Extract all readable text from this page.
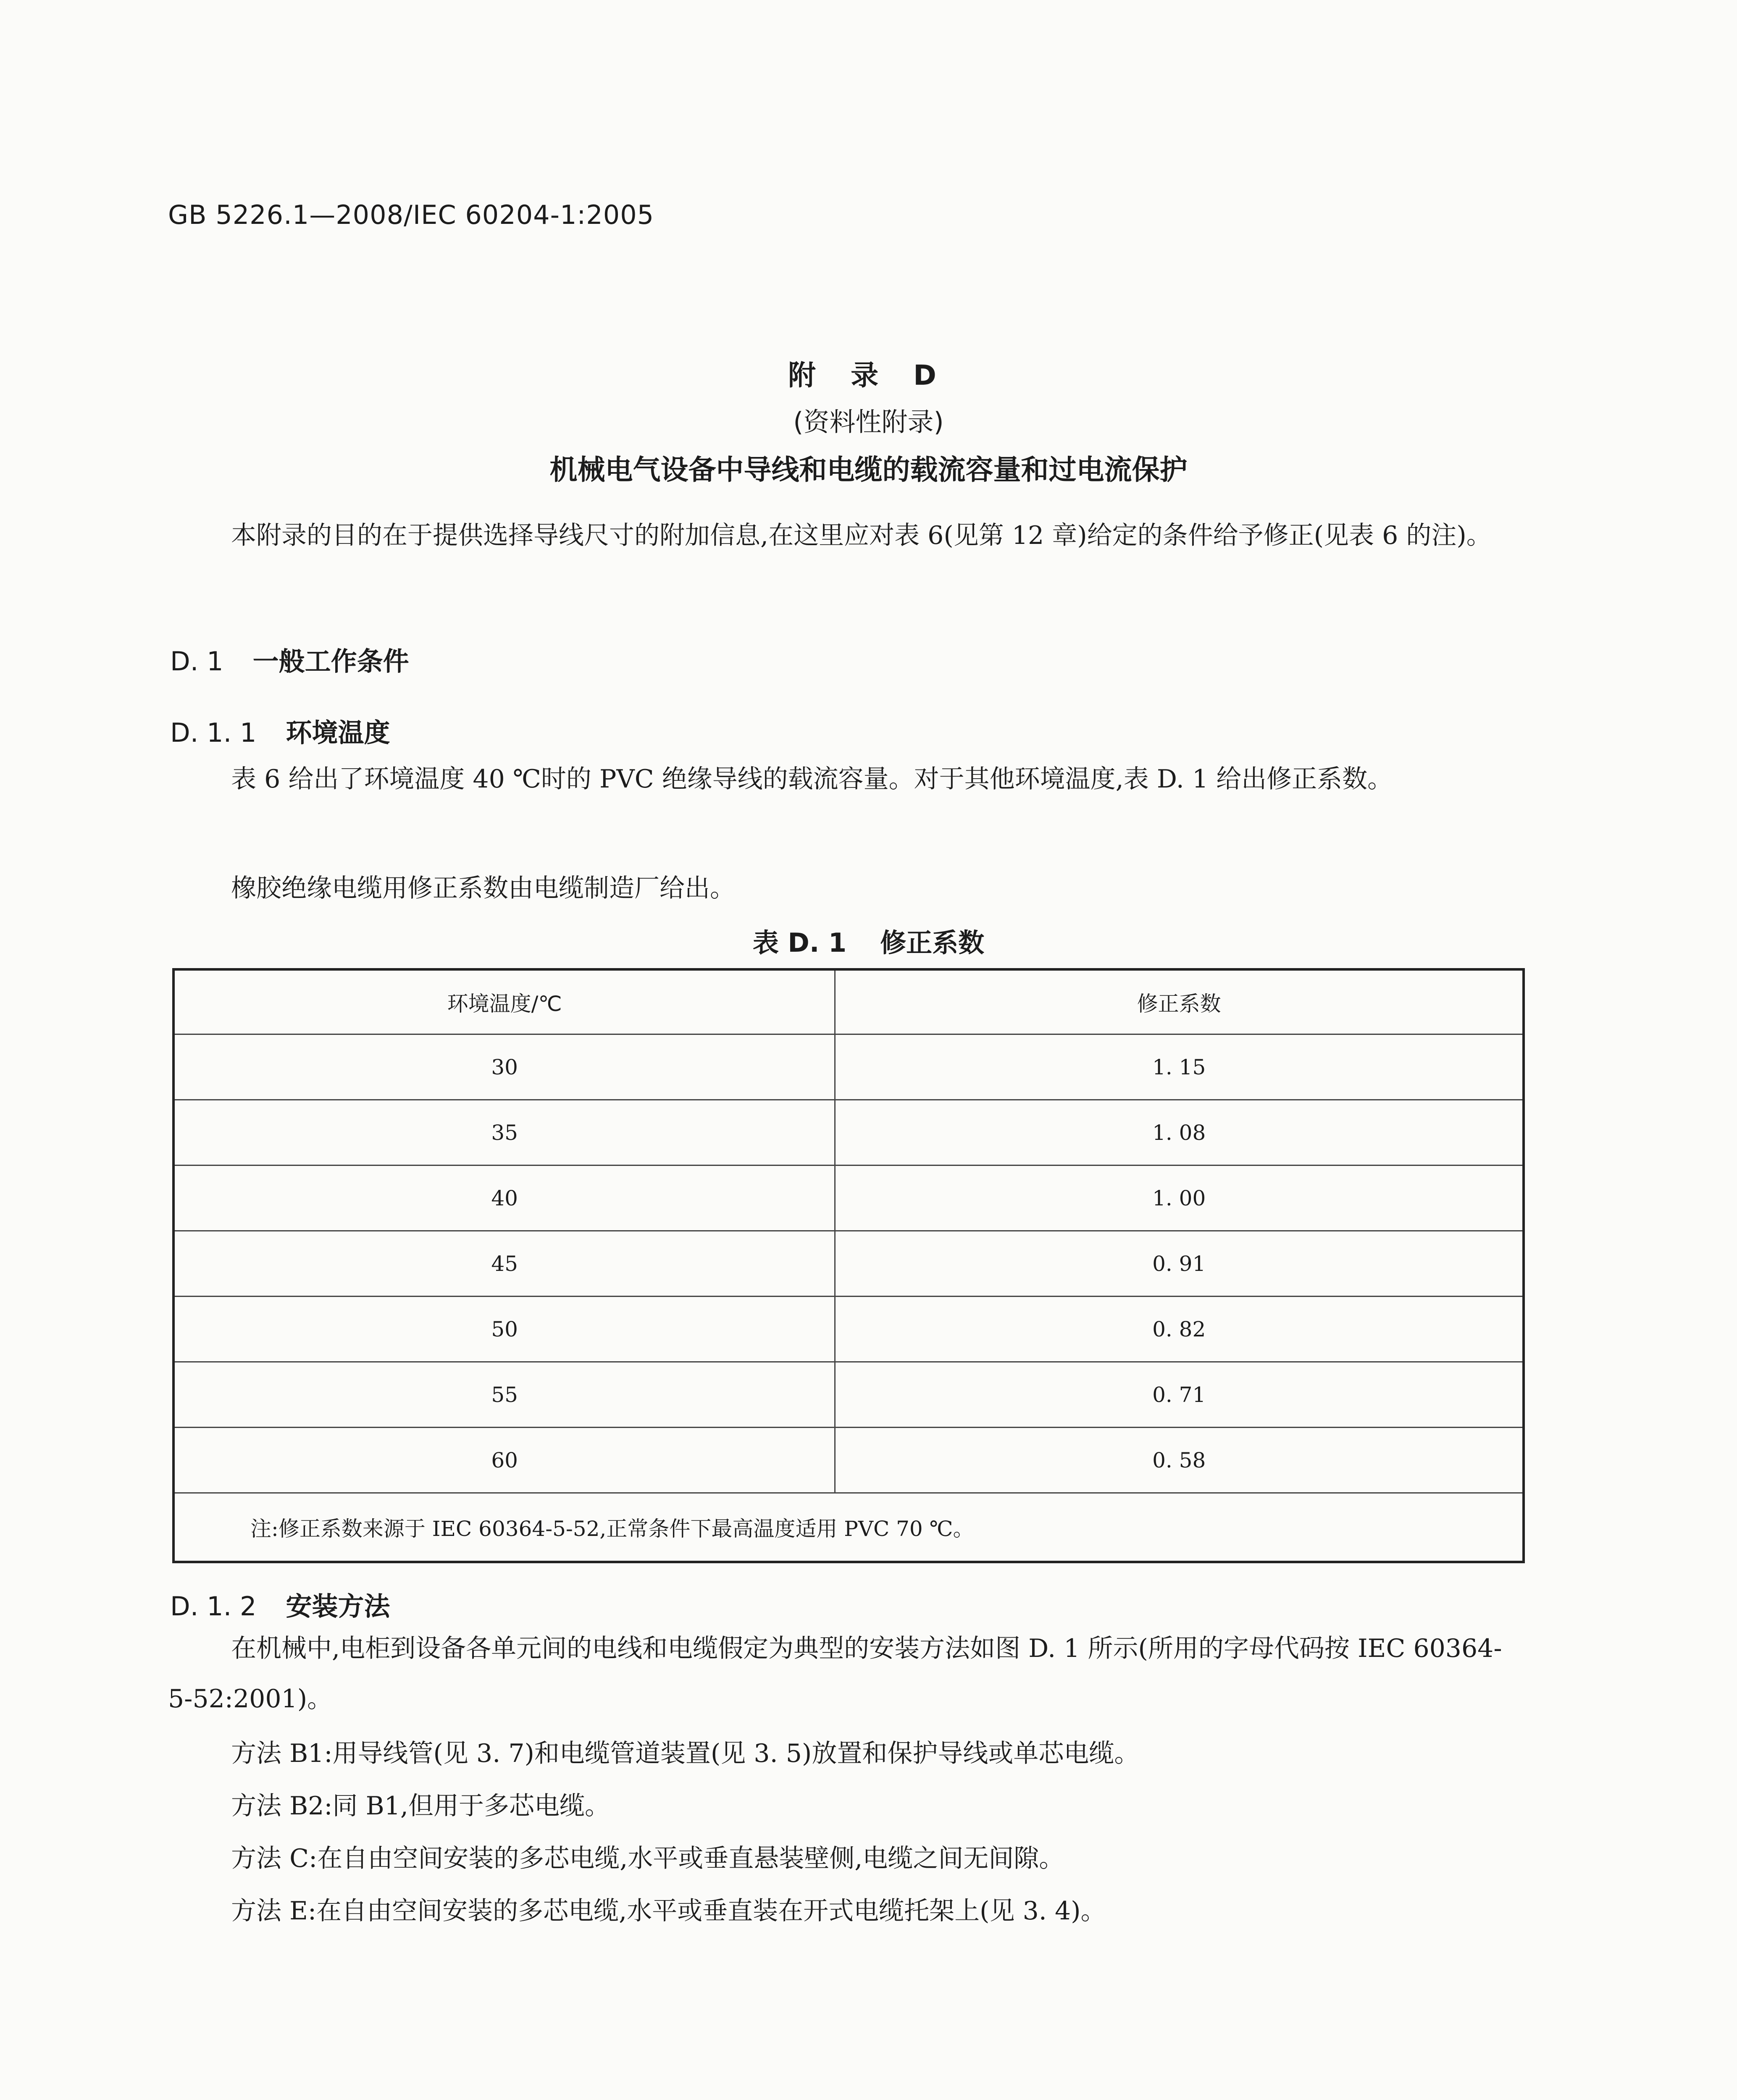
GB 5226.1—2008/IEC 60204-1:2005
附 录 D
(资料性附录)
机械电气设备中导线和电缆的载流容量和过电流保护
本附录的目的在于提供选择导线尺寸的附加信息,在这里应对表 6(见第 12 章)给定的条件给予修正(见表 6 的注)。
D. 1 一般工作条件
D. 1. 1 环境温度
表 6 给出了环境温度 40 ℃时的 PVC 绝缘导线的载流容量。对于其他环境温度,表 D. 1 给出修正系数。
橡胶绝缘电缆用修正系数由电缆制造厂给出。
表 D. 1 修正系数
环境温度/℃	修正系数
30	1. 15
35	1. 08
40	1. 00
45	0. 91
50	0. 82
55	0. 71
60	0. 58
注:修正系数来源于 IEC 60364-5-52,正常条件下最高温度适用 PVC 70 ℃。	
D. 1. 2 安装方法
在机械中,电柜到设备各单元间的电线和电缆假定为典型的安装方法如图 D. 1 所示(所用的字母代码按 IEC 60364-5-52:2001)。
方法 B1:用导线管(见 3. 7)和电缆管道装置(见 3. 5)放置和保护导线或单芯电缆。
方法 B2:同 B1,但用于多芯电缆。
方法 C:在自由空间安装的多芯电缆,水平或垂直悬装壁侧,电缆之间无间隙。
方法 E:在自由空间安装的多芯电缆,水平或垂直装在开式电缆托架上(见 3. 4)。
